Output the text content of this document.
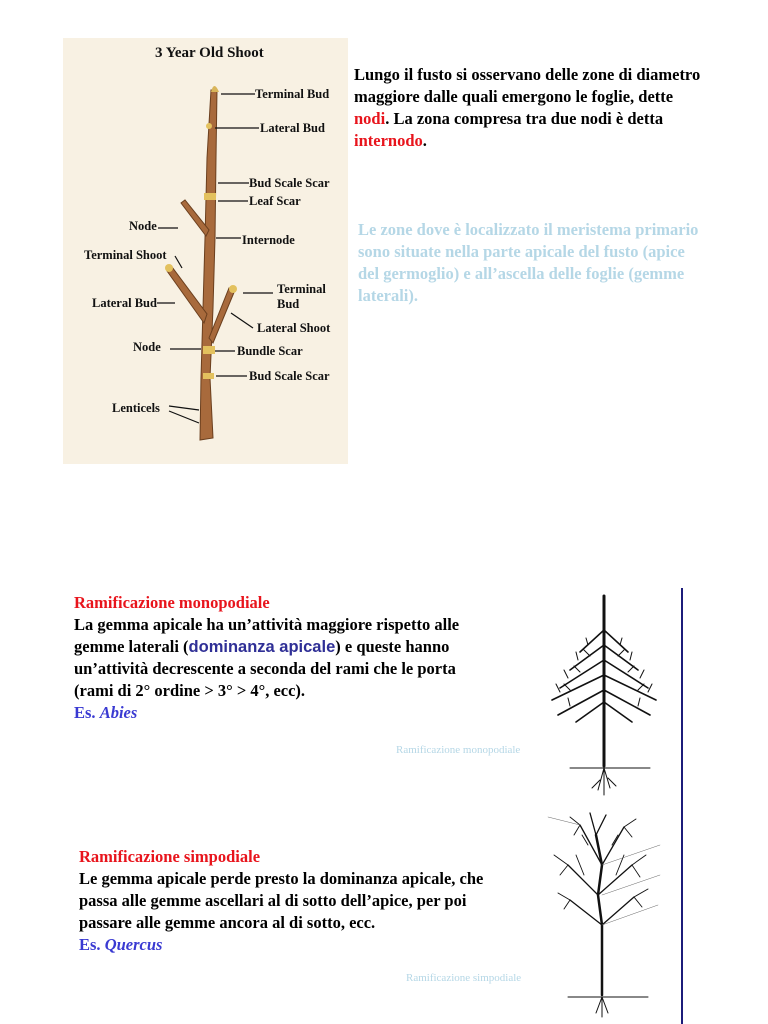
3 Year Old Shoot
Terminal Bud
Lateral Bud
Bud Scale Scar
Leaf Scar
Node
Internode
Terminal Shoot
Terminal
Bud
Lateral Bud
Lateral Shoot
Node	Bundle Scar
Bud Scale Scar
Lenticels
Lungo il fusto si osservano delle zone di diametro maggiore dalle quali emergono le foglie, dette nodi. La zona compresa tra due nodi è detta internodo.
Le zone dove è localizzato il meristema primario sono situate nella parte apicale del fusto (apice del germoglio) e all’ascella delle foglie (gemme laterali).
Ramificazione monopodiale
La gemma apicale ha un’attività maggiore rispetto alle gemme laterali (dominanza apicale) e queste hanno un’attività decrescente a seconda del rami che le porta (rami di 2° ordine > 3° > 4°, ecc).
Es. Abies
Ramificazione monopodiale
Ramificazione simpodiale
Le gemma apicale perde presto la dominanza apicale, che passa alle gemme ascellari al di sotto dell’apice, per poi passare alle gemme ancora al di sotto, ecc.
Es. Quercus
Ramificazione simpodiale
